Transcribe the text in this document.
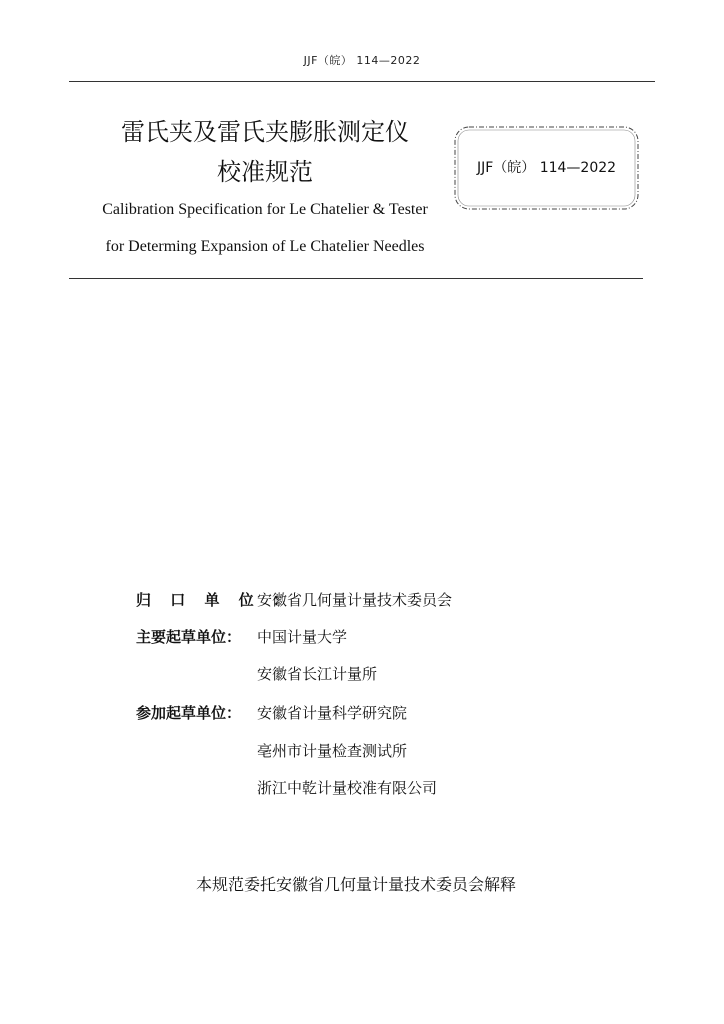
JJF（皖） 114—2022
雷氏夹及雷氏夹膨胀测定仪
校准规范	JJF（皖） 114—2022
Calibration Specification for Le Chatelier & Tester
for Determing Expansion of Le Chatelier Needles
归 口 单 位 ：
安徽省几何量计量技术委员会
主要起草单位： 中国计量大学
安徽省长江计量所
参加起草单位： 安徽省计量科学研究院
亳州市计量检查测试所
浙江中乾计量校准有限公司
本规范委托安徽省几何量计量技术委员会解释
